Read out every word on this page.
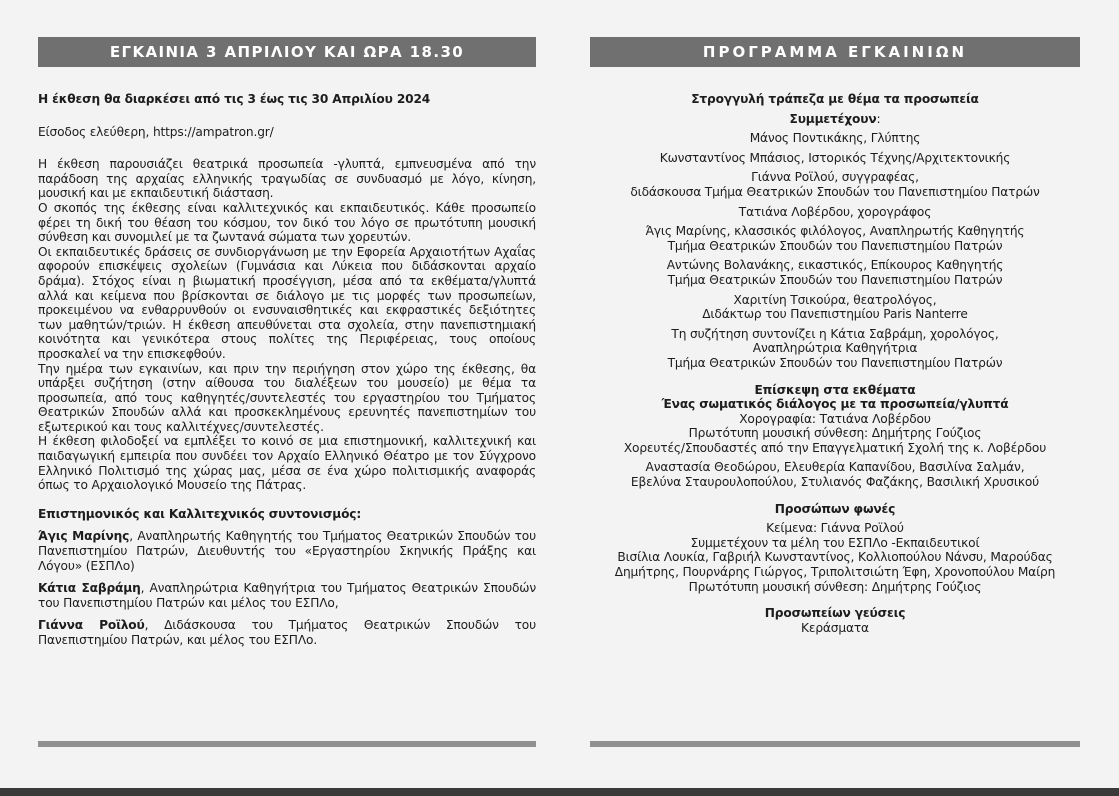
ΕΓΚΑΙΝΙΑ 3 ΑΠΡΙΛΙΟΥ ΚΑΙ ΩΡΑ 18.30

Η έκθεση θα διαρκέσει από τις 3 έως τις 30 Απριλίου 2024

Είσοδος ελεύθερη, https://ampatron.gr/

Η έκθεση παρουσιάζει θεατρικά προσωπεία -γλυπτά, εμπνευσμένα από την παράδοση της αρχαίας ελληνικής τραγωδίας σε συνδυασμό με λόγο, κίνηση, μουσική και με εκπαιδευτική διάσταση.

Ο σκοπός της έκθεσης είναι καλλιτεχνικός και εκπαιδευτικός. Κάθε προσωπείο φέρει τη δική του θέαση του κόσμου, τον δικό του λόγο σε πρωτότυπη μουσική σύνθεση και συνομιλεί με τα ζωντανά σώματα των χορευτών.

Οι εκπαιδευτικές δράσεις σε συνδιοργάνωση με την Εφορεία Αρχαιοτήτων Αχαΐας αφορούν επισκέψεις σχολείων (Γυμνάσια και Λύκεια που διδάσκονται αρχαίο δράμα). Στόχος είναι η βιωματική προσέγγιση, μέσα από τα εκθέματα/γλυπτά αλλά και κείμενα που βρίσκονται σε διάλογο με τις μορφές των προσωπείων, προκειμένου να ενθαρρυνθούν οι ενσυναισθητικές και εκφραστικές δεξιότητες των μαθητών/τριών. Η έκθεση απευθύνεται στα σχολεία, στην πανεπιστημιακή κοινότητα και γενικότερα στους πολίτες της Περιφέρειας, τους οποίους προσκαλεί να την επισκεφθούν.

Την ημέρα των εγκαινίων, και πριν την περιήγηση στον χώρο της έκθεσης, θα υπάρξει συζήτηση (στην αίθουσα του διαλέξεων του μουσείο) με θέμα τα προσωπεία, από τους καθηγητές/συντελεστές του εργαστηρίου του Τμήματος Θεατρικών Σπουδών αλλά και προσκεκλημένους ερευνητές πανεπιστημίων του εξωτερικού και τους καλλιτέχνες/συντελεστές.

Η έκθεση φιλοδοξεί να εμπλέξει το κοινό σε μια επιστημονική, καλλιτεχνική και παιδαγωγική εμπειρία που συνδέει τον Αρχαίο Ελληνικό Θέατρο με τον Σύγχρονο Ελληνικό Πολιτισμό της χώρας μας, μέσα σε ένα χώρο πολιτισμικής αναφοράς όπως το Αρχαιολογικό Μουσείο της Πάτρας.

Επιστημονικός και Καλλιτεχνικός συντονισμός:

Άγις Μαρίνης, Αναπληρωτής Καθηγητής του Τμήματος Θεατρικών Σπουδών του Πανεπιστημίου Πατρών, Διευθυντής του «Εργαστηρίου Σκηνικής Πράξης και Λόγου» (ΕΣΠΛο)

Κάτια Σαβράμη, Αναπληρώτρια Καθηγήτρια του Τμήματος Θεατρικών Σπουδών του Πανεπιστημίου Πατρών και μέλος του ΕΣΠΛο,

Γιάννα Ροϊλού, Διδάσκουσα του Τμήματος Θεατρικών Σπουδών του Πανεπιστημίου Πατρών, και μέλος του ΕΣΠΛο.

ΠΡΟΓΡΑΜΜΑ ΕΓΚΑΙΝΙΩΝ

Στρογγυλή τράπεζα με θέμα τα προσωπεία

Συμμετέχουν:

Μάνος Ποντικάκης, Γλύπτης

Κωνσταντίνος Μπάσιος, Ιστορικός Τέχνης/Αρχιτεκτονικής

Γιάννα Ροϊλού, συγγραφέας,

διδάσκουσα Τμήμα Θεατρικών Σπουδών του Πανεπιστημίου Πατρών

Τατιάνα Λοβέρδου, χορογράφος

Άγις Μαρίνης, κλασσικός φιλόλογος, Αναπληρωτής Καθηγητής

Τμήμα Θεατρικών Σπουδών του Πανεπιστημίου Πατρών

Αντώνης Βολανάκης, εικαστικός, Επίκουρος Καθηγητής

Τμήμα Θεατρικών Σπουδών του Πανεπιστημίου Πατρών

Χαριτίνη Τσικούρα, θεατρολόγος,

Διδάκτωρ του Πανεπιστημίου Paris Nanterre

Τη συζήτηση συντονίζει η Κάτια Σαβράμη, χορολόγος,

Αναπληρώτρια Καθηγήτρια

Τμήμα Θεατρικών Σπουδών του Πανεπιστημίου Πατρών

Επίσκεψη στα εκθέματα

Ένας σωματικός διάλογος με τα προσωπεία/γλυπτά

Χορογραφία: Τατιάνα Λοβέρδου

Πρωτότυπη μουσική σύνθεση: Δημήτρης Γούζιος

Χορευτές/Σπουδαστές από την Επαγγελματική Σχολή της κ. Λοβέρδου

Αναστασία Θεοδώρου, Ελευθερία Καπανίδου, Βασιλίνα Σαλμάν,

Εβελύνα Σταυρουλοπούλου, Στυλιανός Φαζάκης, Βασιλική Χρυσικού

Προσώπων φωνές

Κείμενα: Γιάννα Ροϊλού

Συμμετέχουν τα μέλη του ΕΣΠΛο -Εκπαιδευτικοί

Βισίλια Λουκία, Γαβριήλ Κωνσταντίνος, Κολλιοπούλου Νάνσυ, Μαρούδας

Δημήτρης, Πουρνάρης Γιώργος, Τριπολιτσιώτη Έφη, Χρονοπούλου Μαίρη

Πρωτότυπη μουσική σύνθεση: Δημήτρης Γούζιος

Προσωπείων γεύσεις

Κεράσματα
